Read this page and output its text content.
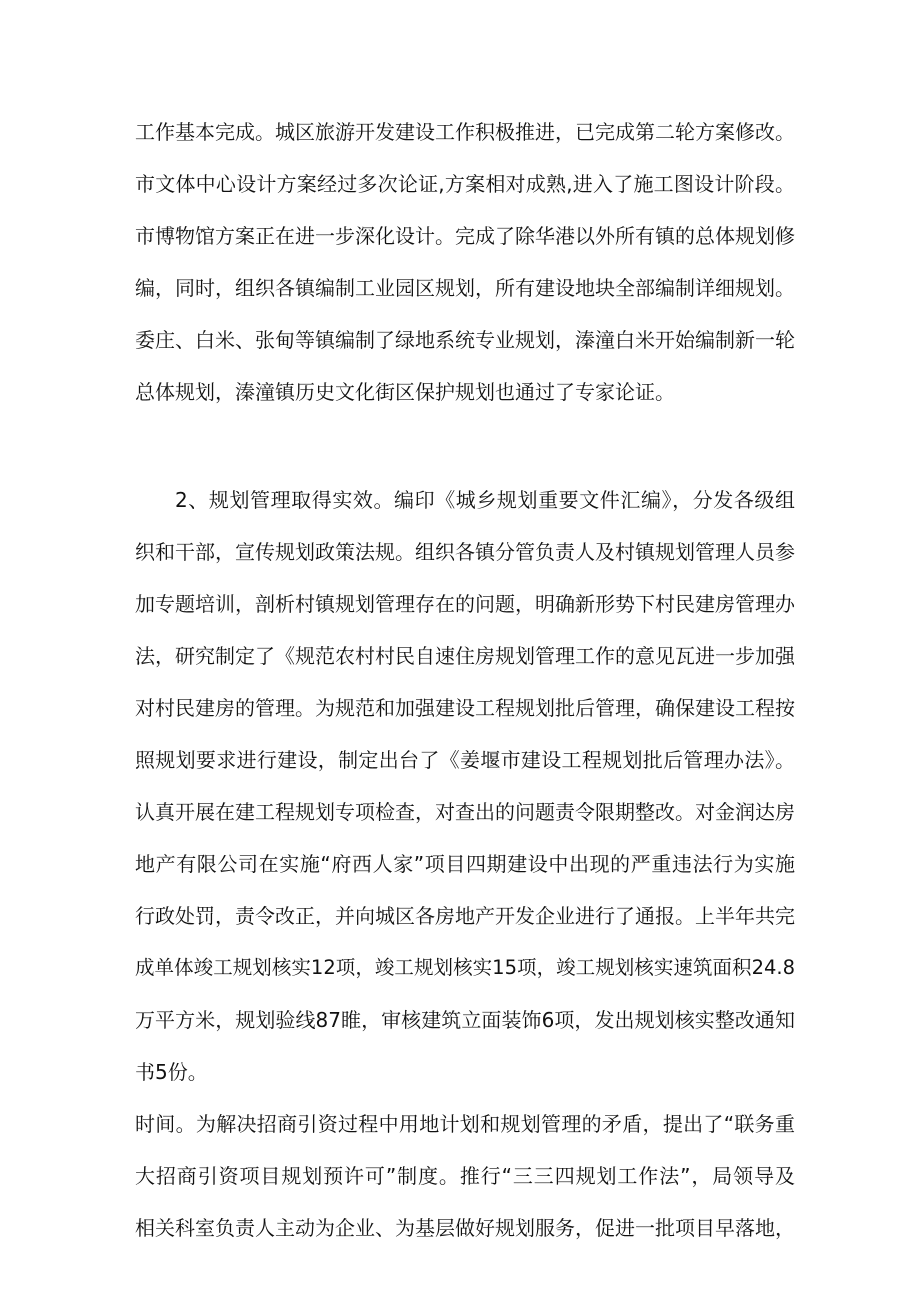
工作基本完成。城区旅游开发建设工作积极推进，已完成第二轮方案修改。

市文体中心设计方案经过多次论证,方案相对成熟,进入了施工图设计阶段。

市博物馆方案正在进一步深化设计。完成了除华港以外所有镇的总体规划修

编，同时，组织各镇编制工业园区规划，所有建设地块全部编制详细规划。

委庄、白米、张甸等镇编制了绿地系统专业规划，溱潼白米开始编制新一轮

总体规划，溱潼镇历史文化街区保护规划也通过了专家论证。

2、规划管理取得实效。编印《城乡规划重要文件汇编》，分发各级组

织和干部，宣传规划政策法规。组织各镇分管负责人及村镇规划管理人员参

加专题培训，剖析村镇规划管理存在的问题，明确新形势下村民建房管理办

法，研究制定了《规范农村村民自速住房规划管理工作的意见瓦进一步加强

对村民建房的管理。为规范和加强建设工程规划批后管理，确保建设工程按

照规划要求进行建设，制定出台了《姜堰市建设工程规划批后管理办法》。

认真开展在建工程规划专项检查，对查出的问题责令限期整改。对金润达房

地产有限公司在实施“府西人家”项目四期建设中出现的严重违法行为实施

行政处罚，责令改正，并向城区各房地产开发企业进行了通报。上半年共完

成单体竣工规划核实12项，竣工规划核实15项，竣工规划核实速筑面积24.8

万平方米，规划验线87睢，审核建筑立面装饰6项，发出规划核实整改通知

书5份。

时间。为解决招商引资过程中用地计划和规划管理的矛盾，提出了“联务重

大招商引资项目规划预许可”制度。推行“三三四规划工作法”，局领导及

相关科室负责人主动为企业、为基层做好规划服务，促进一批项目早落地，
